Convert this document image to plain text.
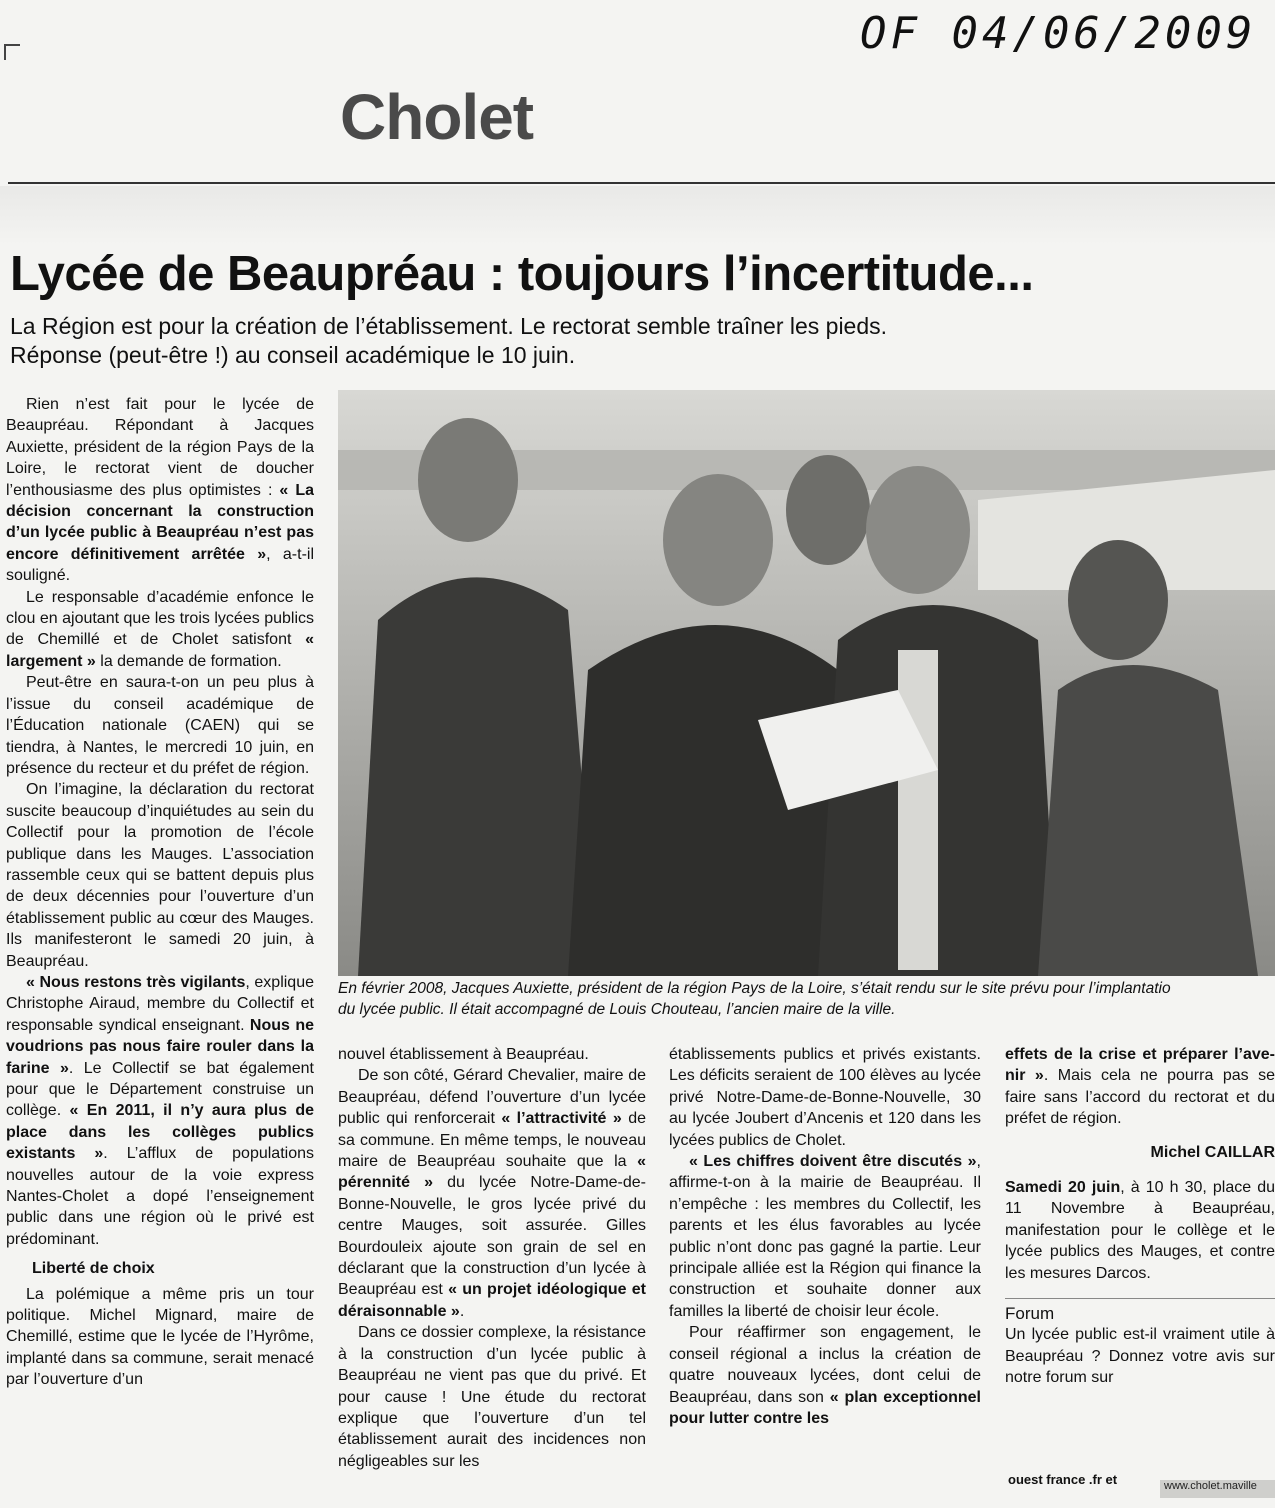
OF 04/06/2009
Cholet
Lycée de Beaupréau : toujours l’incertitude...
La Région est pour la création de l’établissement. Le rectorat semble traîner les pieds.
Réponse (peut-être !) au conseil académique le 10 juin.

Rien n’est fait pour le lycée de Beaupréau. Répondant à Jacques Auxiette, président de la région Pays de la Loire, le rectorat vient de doucher l’enthousiasme des plus optimistes : « La décision concernant la construction d’un lycée public à Beaupréau n’est pas encore définitivement arrêtée », a-t-il souligné.

Le responsable d’académie enfonce le clou en ajoutant que les trois lycées publics de Chemillé et de Cholet satisfont « largement » la demande de formation.

Peut-être en saura-t-on un peu plus à l’issue du conseil académique de l’Éducation nationale (CAEN) qui se tiendra, à Nantes, le mercredi 10 juin, en présence du recteur et du préfet de région.

On l’imagine, la déclaration du rectorat suscite beaucoup d’inquiétudes au sein du Collectif pour la promotion de l’école publique dans les Mauges. L’association rassemble ceux qui se battent depuis plus de deux décennies pour l’ouverture d’un établissement public au cœur des Mauges. Ils manifesteront le samedi 20 juin, à Beaupréau.

« Nous restons très vigilants, explique Christophe Airaud, membre du Collectif et responsable syndical enseignant. Nous ne voudrions pas nous faire rouler dans la farine ». Le Collectif se bat également pour que le Département construise un collège. « En 2011, il n’y aura plus de place dans les collèges publics existants ». L’afflux de populations nouvelles autour de la voie express Nantes-Cholet a dopé l’enseignement public dans une région où le privé est prédominant.

Liberté de choix

La polémique a même pris un tour politique. Michel Mignard, maire de Chemillé, estime que le lycée de l’Hyrôme, implanté dans sa commune, serait menacé par l’ouverture d’un

En février 2008, Jacques Auxiette, président de la région Pays de la Loire, s’était rendu sur le site prévu pour l’implantatio
du lycée public. Il était accompagné de Louis Chouteau, l’ancien maire de la ville.

nouvel établissement à Beaupréau.

De son côté, Gérard Chevalier, maire de Beaupréau, défend l’ouverture d’un lycée public qui renforcerait « l’attractivité » de sa commune. En même temps, le nouveau maire de Beaupréau souhaite que la « pérennité » du lycée Notre-Dame-de-Bonne-Nouvelle, le gros lycée privé du centre Mauges, soit assurée. Gilles Bourdouleix ajoute son grain de sel en déclarant que la construction d’un lycée à Beaupréau est « un projet idéologique et déraisonnable ».

Dans ce dossier complexe, la résistance à la construction d’un lycée public à Beaupréau ne vient pas que du privé. Et pour cause ! Une étude du rectorat explique que l’ouverture d’un tel établissement aurait des incidences non négligeables sur les

établissements publics et privés existants. Les déficits seraient de 100 élèves au lycée privé Notre-Dame-de-Bonne-Nouvelle, 30 au lycée Joubert d’Ancenis et 120 dans les lycées publics de Cholet.

« Les chiffres doivent être discutés », affirme-t-on à la mairie de Beaupréau. Il n’empêche : les membres du Collectif, les parents et les élus favorables au lycée public n’ont donc pas gagné la partie. Leur principale alliée est la Région qui finance la construction et souhaite donner aux familles la liberté de choisir leur école.

Pour réaffirmer son engagement, le conseil régional a inclus la création de quatre nouveaux lycées, dont celui de Beaupréau, dans son « plan exceptionnel pour lutter contre les

effets de la crise et préparer l’ave- nir ». Mais cela ne pourra pas se faire sans l’accord du rectorat et du préfet de région.

Michel CAILLAR

Samedi 20 juin, à 10 h 30, place du 11 Novembre à Beaupréau, manifestation pour le collège et le lycée publics des Mauges, et contre les mesures Darcos.

Forum

Un lycée public est-il vraiment utile à Beaupréau ? Donnez votre avis sur notre forum sur

ouest france .fr et	www.cholet.maville
